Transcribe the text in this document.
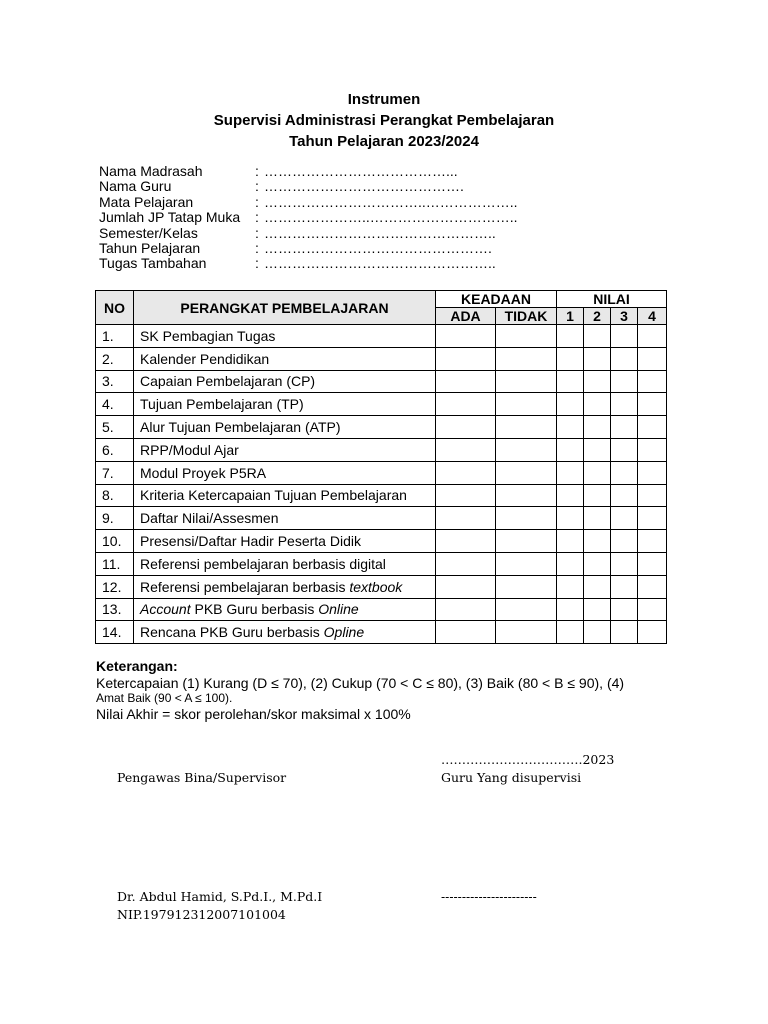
Instrumen
Supervisi Administrasi Perangkat Pembelajaran
Tahun Pelajaran 2023/2024
Nama Madrasah	: …………………………………...
Nama Guru	: …………………………………….
Mata Pelajaran	: ……………………………..………………..
Jumlah JP Tatap Muka : …………………..…………………………..
Semester/Kelas	: …………………………………………..
Tahun Pelajaran	: ………………………………………….
Tugas Tambahan	: …………………………………………..
NO	PERANGKAT PEMBELAJARAN	KEADAAN		NILAI			
		ADA	TIDAK	1	2	3	4
1.	SK Pembagian Tugas						
2.	Kalender Pendidikan						
3.	Capaian Pembelajaran (CP)						
4.	Tujuan Pembelajaran (TP)						
5.	Alur Tujuan Pembelajaran (ATP)						
6.	RPP/Modul Ajar						
7.	Modul Proyek P5RA						
8.	Kriteria Ketercapaian Tujuan Pembelajaran						
9.	Daftar Nilai/Assesmen						
10.	Presensi/Daftar Hadir Peserta Didik						
11.	Referensi pembelajaran berbasis digital						
12.	Referensi pembelajaran berbasis textbook						
13.	Account PKB Guru berbasis Online						
14.	Rencana PKB Guru berbasis Opline						
Keterangan:
Ketercapaian (1) Kurang (D ≤ 70), (2) Cukup (70 < C ≤ 80), (3) Baik (80 < B ≤ 90), (4)
Amat Baik (90 < A ≤ 100).
Nilai Akhir = skor perolehan/skor maksimal x 100%
…………………………….2023
Pengawas Bina/Supervisor	Guru Yang disupervisi
Dr. Abdul Hamid, S.Pd.I., M.Pd.I
NIP.197912312007101004
-----------------------
